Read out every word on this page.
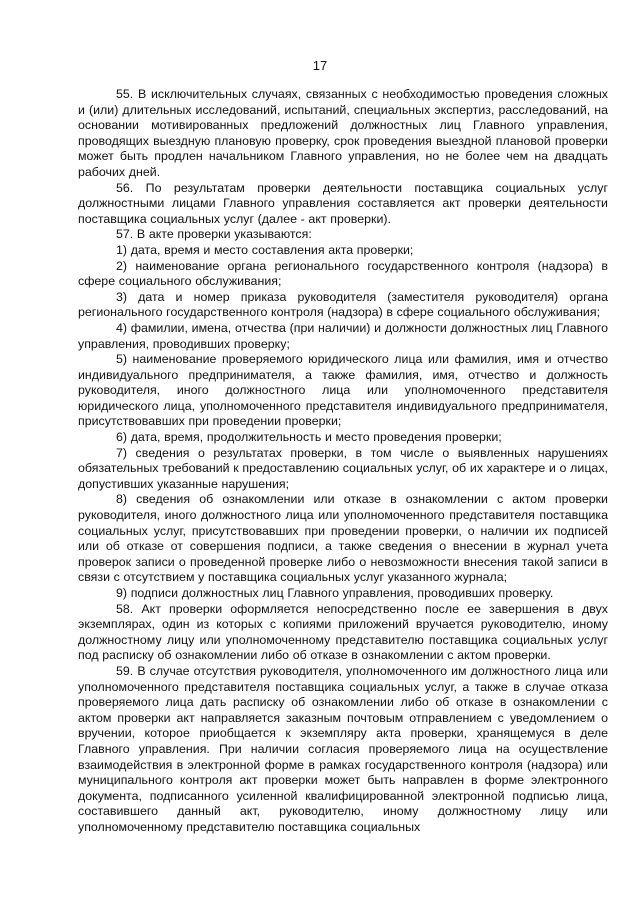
17

55. В исключительных случаях, связанных с необходимостью проведения сложных и (или) длительных исследований, испытаний, специальных экспертиз, расследований, на основании мотивированных предложений должностных лиц Главного управления, проводящих выездную плановую проверку, срок проведения выездной плановой проверки может быть продлен начальником Главного управления, но не более чем на двадцать рабочих дней.

56. По результатам проверки деятельности поставщика социальных услуг должностными лицами Главного управления составляется акт проверки деятельности поставщика социальных услуг (далее - акт проверки).

57. В акте проверки указываются:

1) дата, время и место составления акта проверки;

2) наименование органа регионального государственного контроля (надзора) в сфере социального обслуживания;

3) дата и номер приказа руководителя (заместителя руководителя) органа регионального государственного контроля (надзора) в сфере социального обслуживания;

4) фамилии, имена, отчества (при наличии) и должности должностных лиц Главного управления, проводивших проверку;

5) наименование проверяемого юридического лица или фамилия, имя и отчество индивидуального предпринимателя, а также фамилия, имя, отчество и должность руководителя, иного должностного лица или уполномоченного представителя юридического лица, уполномоченного представителя индивидуального предпринимателя, присутствовавших при проведении проверки;

6) дата, время, продолжительность и место проведения проверки;

7) сведения о результатах проверки, в том числе о выявленных нарушениях обязательных требований к предоставлению социальных услуг, об их характере и о лицах, допустивших указанные нарушения;

8) сведения об ознакомлении или отказе в ознакомлении с актом проверки руководителя, иного должностного лица или уполномоченного представителя поставщика социальных услуг, присутствовавших при проведении проверки, о наличии их подписей или об отказе от совершения подписи, а также сведения о внесении в журнал учета проверок записи о проведенной проверке либо о невозможности внесения такой записи в связи с отсутствием у поставщика социальных услуг указанного журнала;

9) подписи должностных лиц Главного управления, проводивших проверку.

58. Акт проверки оформляется непосредственно после ее завершения в двух экземплярах, один из которых с копиями приложений вручается руководителю, иному должностному лицу или уполномоченному представителю поставщика социальных услуг под расписку об ознакомлении либо об отказе в ознакомлении с актом проверки.

59. В случае отсутствия руководителя, уполномоченного им должностного лица или уполномоченного представителя поставщика социальных услуг, а также в случае отказа проверяемого лица дать расписку об ознакомлении либо об отказе в ознакомлении с актом проверки акт направляется заказным почтовым отправлением с уведомлением о вручении, которое приобщается к экземпляру акта проверки, хранящемуся в деле Главного управления. При наличии согласия проверяемого лица на осуществление взаимодействия в электронной форме в рамках государственного контроля (надзора) или муниципального контроля акт проверки может быть направлен в форме электронного документа, подписанного усиленной квалифицированной электронной подписью лица, составившего данный акт, руководителю, иному должностному лицу или уполномоченному представителю поставщика социальных
